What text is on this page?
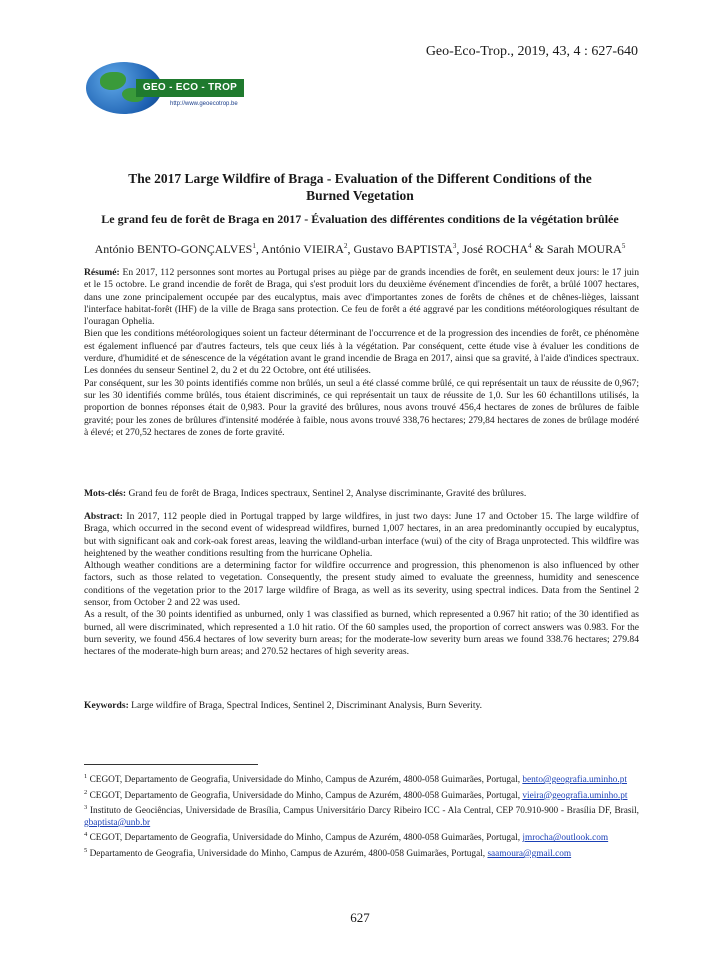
Geo-Eco-Trop., 2019, 43, 4 : 627-640
GEO - ECO - TROP
http://www.geoecotrop.be
The 2017 Large Wildfire of Braga - Evaluation of the Different Conditions of the
Burned Vegetation
Le grand feu de forêt de Braga en 2017 - Évaluation des différentes conditions de la végétation brûlée
António BENTO-GONÇALVES$^1$, António VIEIRA$^2$, Gustavo BAPTISTA$^3$, José ROCHA$^4$ & Sarah MOURA$^5$

Résumé: En 2017, 112 personnes sont mortes au Portugal prises au piège par de grands incendies de forêt, en seulement deux jours: le 17 juin et le 15 octobre. Le grand incendie de forêt de Braga, qui s'est produit lors du deuxième événement d'incendies de forêt, a brûlé 1007 hectares, dans une zone principalement occupée par des eucalyptus, mais avec d'importantes zones de forêts de chênes et de chênes-lièges, laissant l'interface habitat-forêt (IHF) de la ville de Braga sans protection. Ce feu de forêt a été aggravé par les conditions météorologiques résultant de l'ouragan Ophelia.

Bien que les conditions météorologiques soient un facteur déterminant de l'occurrence et de la progression des incendies de forêt, ce phénomène est également influencé par d'autres facteurs, tels que ceux liés à la végétation. Par conséquent, cette étude vise à évaluer les conditions de verdure, d'humidité et de sénescence de la végétation avant le grand incendie de Braga en 2017, ainsi que sa gravité, à l'aide d'indices spectraux. Les données du senseur Sentinel 2, du 2 et du 22 Octobre, ont été utilisées.

Par conséquent, sur les 30 points identifiés comme non brûlés, un seul a été classé comme brûlé, ce qui représentait un taux de réussite de 0,967; sur les 30 identifiés comme brûlés, tous étaient discriminés, ce qui représentait un taux de réussite de 1,0. Sur les 60 échantillons utilisés, la proportion de bonnes réponses était de 0,983. Pour la gravité des brûlures, nous avons trouvé 456,4 hectares de zones de brûlures de faible gravité; pour les zones de brûlures d'intensité modérée à faible, nous avons trouvé 338,76 hectares; 279,84 hectares de zones de brûlage modéré à élevé; et 270,52 hectares de zones de forte gravité.

Mots-clés: Grand feu de forêt de Braga, Indices spectraux, Sentinel 2, Analyse discriminante, Gravité des brûlures.

Abstract: In 2017, 112 people died in Portugal trapped by large wildfires, in just two days: June 17 and October 15. The large wildfire of Braga, which occurred in the second event of widespread wildfires, burned 1,007 hectares, in an area predominantly occupied by eucalyptus, but with significant oak and cork-oak forest areas, leaving the wildland-urban interface (wui) of the city of Braga unprotected. This wildfire was heightened by the weather conditions resulting from the hurricane Ophelia.

Although weather conditions are a determining factor for wildfire occurrence and progression, this phenomenon is also influenced by other factors, such as those related to vegetation. Consequently, the present study aimed to evaluate the greenness, humidity and senescence conditions of the vegetation prior to the 2017 large wildfire of Braga, as well as its severity, using spectral indices. Data from the Sentinel 2 sensor, from October 2 and 22 was used.

As a result, of the 30 points identified as unburned, only 1 was classified as burned, which represented a 0.967 hit ratio; of the 30 identified as burned, all were discriminated, which represented a 1.0 hit ratio. Of the 60 samples used, the proportion of correct answers was 0.983. For the burn severity, we found 456.4 hectares of low severity burn areas; for the moderate-low severity burn areas we found 338.76 hectares; 279.84 hectares of the moderate-high burn areas; and 270.52 hectares of high severity areas.

Keywords: Large wildfire of Braga, Spectral Indices, Sentinel 2, Discriminant Analysis, Burn Severity.
$^1$ CEGOT, Departamento de Geografia, Universidade do Minho, Campus de Azurém, 4800-058 Guimarães, Portugal, bento@geografia.uminho.pt
$^2$ CEGOT, Departamento de Geografia, Universidade do Minho, Campus de Azurém, 4800-058 Guimarães, Portugal, vieira@geografia.uminho.pt
$^3$ Instituto de Geociências, Universidade de Brasília, Campus Universitário Darcy Ribeiro ICC - Ala Central, CEP 70.910-900 - Brasília DF, Brasil, gbaptista@unb.br
$^4$ CEGOT, Departamento de Geografia, Universidade do Minho, Campus de Azurém, 4800-058 Guimarães, Portugal, jmrocha@outlook.com
$^5$ Departamento de Geografia, Universidade do Minho, Campus de Azurém, 4800-058 Guimarães, Portugal, saamoura@gmail.com
627
